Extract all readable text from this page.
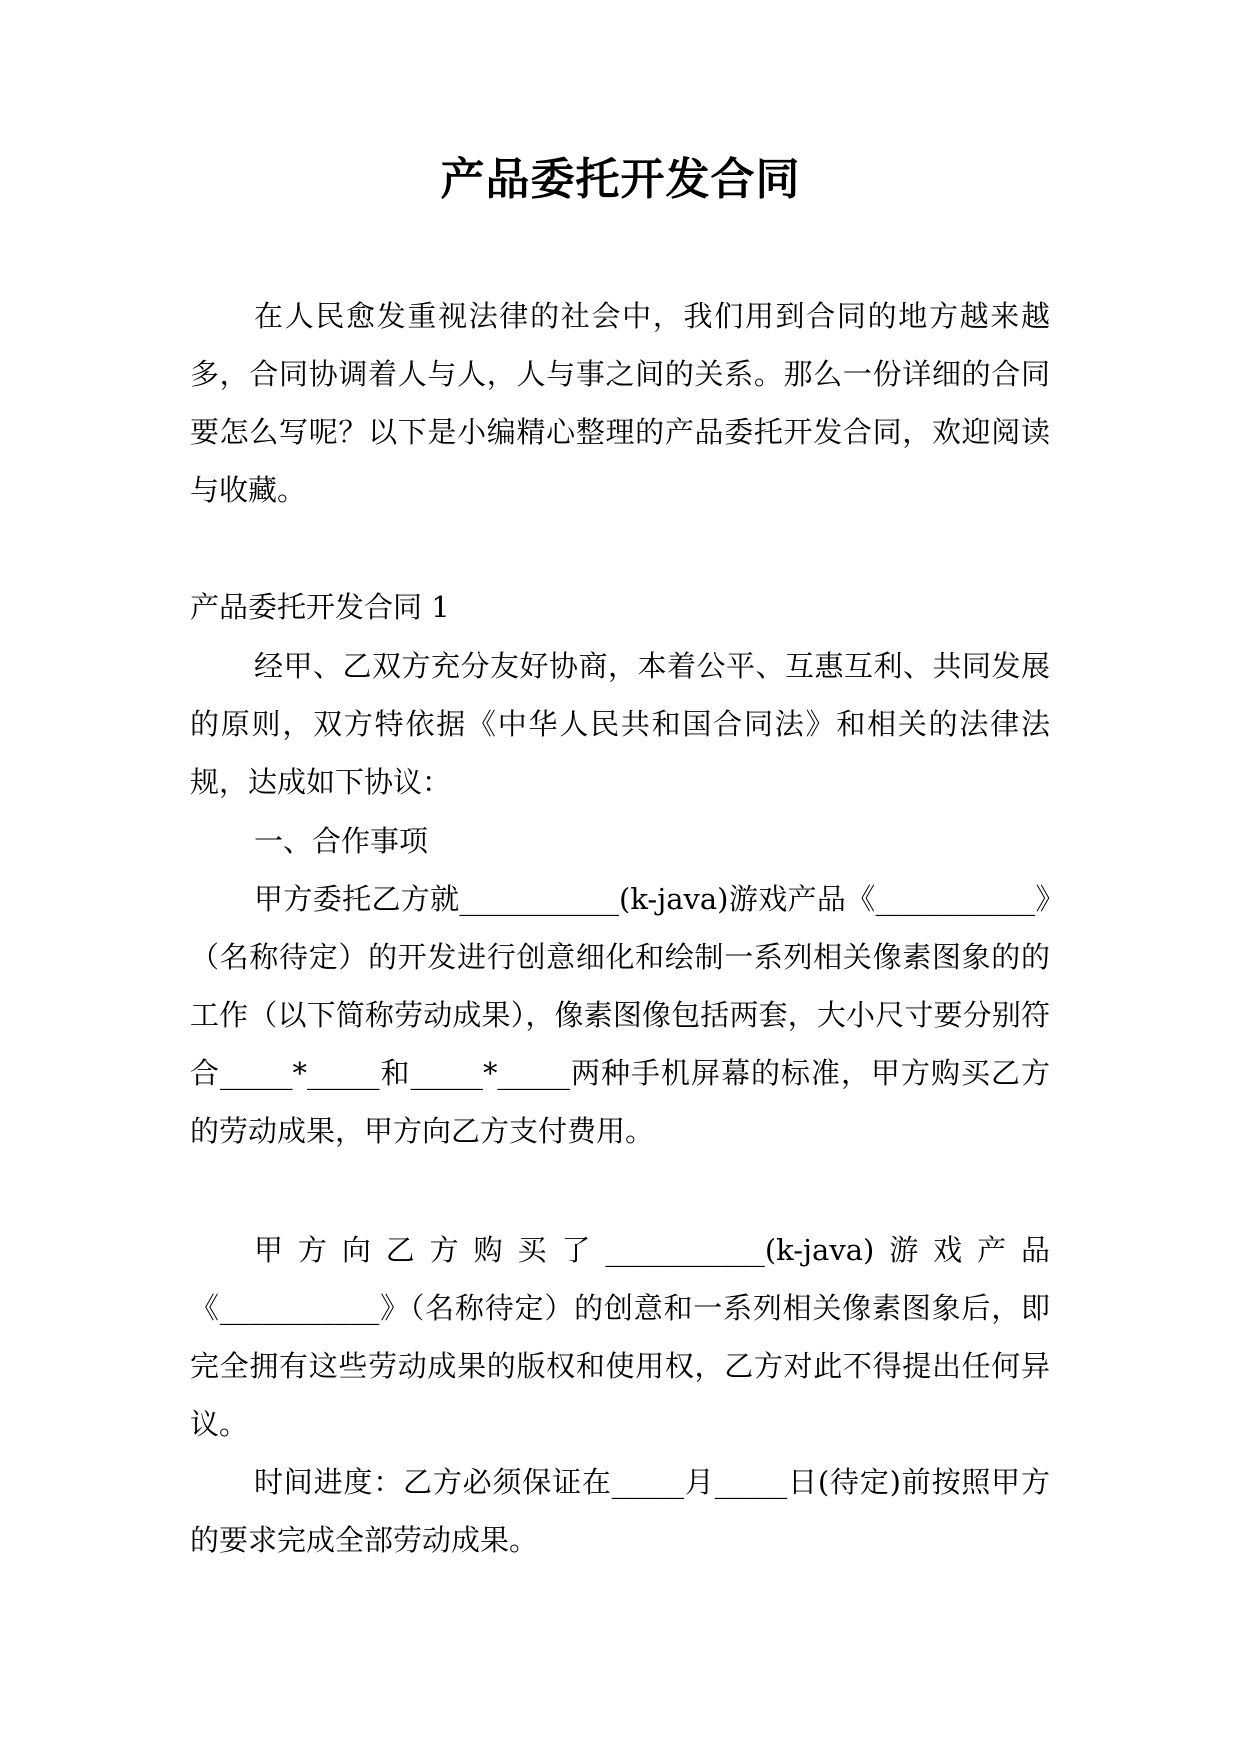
产品委托开发合同

在人民愈发重视法律的社会中，我们用到合同的地方越来越多，合同协调着人与人，人与事之间的关系。那么一份详细的合同要怎么写呢？以下是小编精心整理的产品委托开发合同，欢迎阅读与收藏。

产品委托开发合同 1

经甲、乙双方充分友好协商，本着公平、互惠互利、共同发展的原则，双方特依据《中华人民共和国合同法》和相关的法律法规，达成如下协议：

一、合作事项

甲方委托乙方就___________(k-java)游戏产品《___________》（名称待定）的开发进行创意细化和绘制一系列相关像素图象的的工作（以下简称劳动成果），像素图像包括两套，大小尺寸要分别符合_____*_____和_____*_____两种手机屏幕的标准，甲方购买乙方的劳动成果，甲方向乙方支付费用。

甲方向乙方购买了___________(k-java)游戏产品《___________》（名称待定）的创意和一系列相关像素图象后，即完全拥有这些劳动成果的版权和使用权，乙方对此不得提出任何异议。

时间进度：乙方必须保证在_____月_____日(待定)前按照甲方的要求完成全部劳动成果。
